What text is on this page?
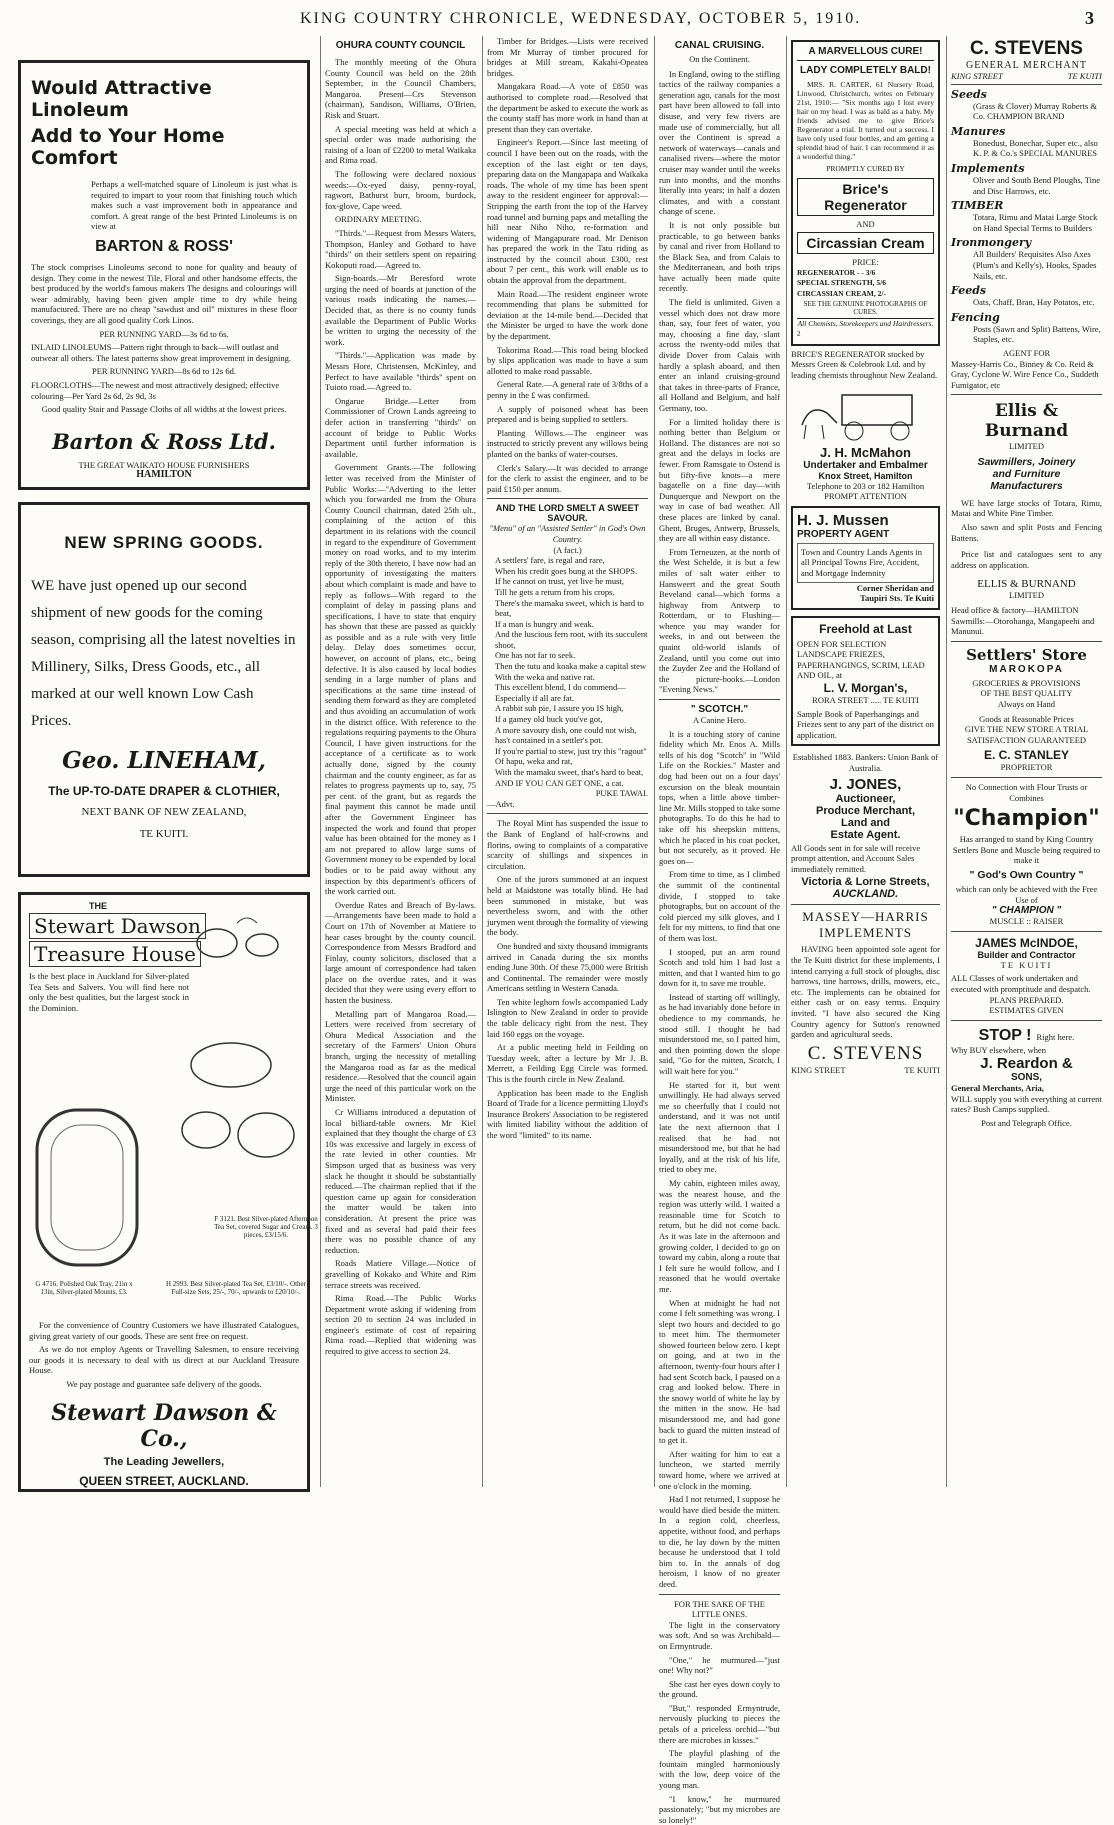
KING COUNTRY CHRONICLE, WEDNESDAY, OCTOBER 5, 1910.	3
Would Attractive Linoleum
Add to Your Home Comfort

Perhaps a well-matched square of Linoleum is just what is required to impart to your room that finishing touch which makes such a vast improvement both in appearance and comfort. A great range of the best Printed Linoleums is on view at

BARTON & ROSS'

The stock comprises Linoleums second to none for quality and beauty of design. They come in the newest Tile, Floral and other handsome effects, the best produced by the world's famous makers The designs and colourings will wear admirably, having been given ample time to dry while being manufactured. There are no cheap "sawdust and oil" mixtures in these floor coverings, they are all good quality Cork Linos.

PER RUNNING YARD—3s 6d to 6s.
INLAID LINOLEUMS—Pattern right through to back—will outlast and outwear all others. The latest patterns show great improvement in designing.
PER RUNNING YARD—8s 6d to 12s 6d.
FLOORCLOTHS—The newest and most attractively designed; effective colouring—Per Yard 2s 6d, 2s 9d, 3s
Good quality Stair and Passage Cloths of all widths at the lowest prices.
Barton & Ross Ltd.
THE GREAT WAIKATO HOUSE FURNISHERS
HAMILTON
NEW SPRING GOODS.

WE have just opened up our second shipment of new goods for the coming season, comprising all the latest novelties in Millinery, Silks, Dress Goods, etc., all marked at our well known Low Cash Prices.

Geo. LINEHAM,
The UP-TO-DATE DRAPER & CLOTHIER,
NEXT BANK OF NEW ZEALAND,
TE KUITI.
THE
Stewart Dawson
Treasure House

Is the best place in Auckland for Silver-plated Tea Sets and Salvers. You will find here not only the best qualities, but the largest stock in the Dominion.

F 3121. Best Silver-plated Afternoon Tea Set, covered Sugar and Cream. 3 pieces, £3/15/6.
G 4716. Polished Oak Tray, 21in x 13in, Silver-plated Mounts, £3.
H 2993. Best Silver-plated Tea Set, £3/10/-. Other Full-size Sets, 25/-, 70/-, upwards to £20/10/-.

For the convenience of Country Customers we have illustrated Catalogues, giving great variety of our goods. These are sent free on request.

As we do not employ Agents or Travelling Salesmen, to ensure receiving our goods it is necessary to deal with us direct at our Auckland Treasure House.

We pay postage and guarantee safe delivery of the goods.

Stewart Dawson & Co.,
The Leading Jewellers,
QUEEN STREET, AUCKLAND.
OHURA COUNTY COUNCIL

The monthly meeting of the Ohura County Council was held on the 28th September, in the Council Chambers, Mangaroa. Present—Crs Stevenson (chairman), Sandison, Williams, O'Brien, Risk and Stuart.

A special meeting was held at which a special order was made authorising the raising of a loan of £2200 to metal Waikaka and Rima road.

The following were declared noxious weeds:—Ox-eyed daisy, penny-royal, ragwort, Bathurst burr, broom, burdock, fox-glove, Cape weed.

ORDINARY MEETING.

"Thirds."—Request from Messrs Waters, Thompson, Hanley and Gothard to have "thirds" on their settlers spent on repairing Kokoputi road.—Agreed to.

Sign-boards.—Mr Beresford wrote urging the need of boards at junction of the various roads indicating the names.—Decided that, as there is no county funds available the Department of Public Works be written to urging the necessity of the work.

"Thirds."—Application was made by Messrs Hore, Christensen, McKinley, and Perfect to have available "thirds" spent on Tuioto road.—Agreed to.

Ongarue Bridge.—Letter from Commissioner of Crown Lands agreeing to defer action in transferring "thirds" on account of bridge to Public Works Department until further information is available.

Government Grants.—The following letter was received from the Minister of Public Works:—"Adverting to the letter which you forwarded me from the Ohura County Council chairman, dated 25th ult., complaining of the action of this department in its relations with the council in regard to the expenditure of Government money on road works, and to my interim reply of the 30th thereto, I have now had an opportunity of investigating the matters about which complaint is made and have to reply as follows—With regard to the complaint of delay in passing plans and specifications, I have to state that enquiry has shown that these are passed as quickly as possible and as a rule with very little delay. Delay does sometimes occur, however, on account of plans, etc., being defective. It is also caused by local bodies sending in a large number of plans and specifications at the same time instead of sending them forward as they are completed and thus avoiding an accumulation of work in the district office. With reference to the regulations requiring payments to the Ohura Council, I have given instructions for the acceptance of a certificate as to work actually done, signed by the county chairman and the county engineer, as far as relates to progress payments up to, say, 75 per cent. of the grant, but as regards the final payment this cannot be made until after the Government Engineer has inspected the work and found that proper value has been obtained for the money as I am not prepared to allow large sums of Government money to be expended by local bodies or to be paid away without any inspection by this department's officers of the work carried out.

Overdue Rates and Breach of By-laws.—Arrangements have been made to hold a Court on 17th of November at Matiere to hear cases brought by the county council. Correspondence from Messrs Bradford and Finlay, county solicitors, disclosed that a large amount of correspondence had taken place on the overdue rates, and it was decided that they were using every effort to hasten the business.

Metalling part of Mangaroa Road.—Letters were received from secretary of Ohura Medical Association and the secretary of the Farmers' Union Ohura branch, urging the necessity of metalling the Mangaroa road as far as the medical residence.—Resolved that the council again urge the need of this particular work on the Minister.

Cr Williams introduced a deputation of local billiard-table owners. Mr Kiel explained that they thought the charge of £3 10s was excessive and largely in excess of the rate levied in other counties. Mr Simpson urged that as business was very slack he thought it should be substantially reduced.—The chairman replied that if the question came up again for consideration the matter would be taken into consideration. At present the price was fixed and as several had paid their fees there was no possible chance of any reduction.

Roads Matiere Village.—Notice of gravelling of Kokako and White and Rim terrace streets was received.

Rima Road.—The Public Works Department wrote asking if widening from section 20 to section 24 was included in engineer's estimate of cost of repairing Rima road.—Replied that widening was required to give access to section 24.

Timber for Bridges.—Lists were received from Mr Murray of timber procured for bridges at Mill stream, Kakahi-Opeatea bridges.

Mangakara Road.—A vote of £850 was authorised to complete road.—Resolved that the department be asked to execute the work as the county staff has more work in hand than at present than they can overtake.

Engineer's Report.—Since last meeting of council I have been out on the roads, with the exception of the last eight or ten days, preparing data on the Mangapapa and Waikaka roads. The whole of my time has been spent away to the resident engineer for approval:—Stripping the earth from the top of the Harvey road tunnel and burning paps and metalling the hill near Niho Niho, re-formation and widening of Mangapurare road. Mr Denison has prepared the work in the Tatu riding as instructed by the council about £300, rest about 7 per cent., this work will enable us to obtain the approval from the department.

Main Road.—The resident engineer wrote recommending that plans be submitted for deviation at the 14-mile bend.—Decided that the Minister be urged to have the work done by the department.

Tokorima Road.—This road being blocked by slips application was made to have a sum allotted to make road passable.

General Rate.—A general rate of 3/8ths of a penny in the £ was confirmed.

A supply of poisoned wheat has been prepared and is being supplied to settlers.

Planting Willows.—The engineer was instructed to strictly prevent any willows being planted on the banks of water-courses.

Clerk's Salary.—It was decided to arrange for the clerk to assist the engineer, and to be paid £150 per annum.

AND THE LORD SMELT A SWEET SAVOUR.
"Menu" of an "Assisted Settler" in God's Own Country.
(A fact.)
A settlers' fare, is regal and rare,
When his credit goes bung at the SHOPS.
If he cannot on trust, yet live he must,
Till he gets a return from his crops.
There's the mamaku sweet, which is hard to beat,
If a man is hungry and weak.
And the luscious fern root, with its succulent shoot,
One has not far to seek.
Then the tutu and koaka make a capital stew
With the weka and native rat.
This excellent blend, I do commend—
Especially if all are fat.
A rabbit sub pie, I assure you IS high,
If a gamey old buck you've got,
A more savoury dish, one could not wish,
has't contained in a settler's pot.
If you're partial to stew, just try this "ragout"
Of hapu, weka and rat,
With the mamaku sweet, that's hard to beat,
AND IF YOU CAN GET ONE, a cat.
PUKE TAWAI.
—Advt.

The Royal Mint has suspended the issue to the Bank of England of half-crowns and florins, owing to complaints of a comparative scarcity of shillings and sixpences in circulation.

One of the jurors summoned at an inquest held at Maidstone was totally blind. He had been summoned in mistake, but was nevertheless sworn, and with the other jurymen went through the formality of viewing the body.

One hundred and sixty thousand immigrants arrived in Canada during the six months ending June 30th. Of these 75,000 were British and Continental. The remainder were mostly Americans settling in Western Canada.

Ten white leghorn fowls accompanied Lady Islington to New Zealand in order to provide the table delicacy right from the nest. They laid 160 eggs on the voyage.

At a public meeting held in Feilding on Tuesday week, after a lecture by Mr J. B. Merrett, a Feilding Egg Circle was formed. This is the fourth circle in New Zealand.

Application has been made to the English Board of Trade for a licence permitting Lloyd's Insurance Brokers' Association to be registered with limited liability without the addition of the word "limited" to its name.

CANAL CRUISING.
On the Continent.

In England, owing to the stifling tactics of the railway companies a generation ago, canals for the most part have been allowed to fall into disuse, and very few rivers are made use of commercially, but all over the Continent is spread a network of waterways—canals and canalised rivers—where the motor cruiser may wander until the weeks run into months, and the months literally into years; in half a dozen climates, and with a constant change of scene.

It is not only possible but practicable, to go between banks by canal and river from Holland to the Black Sea, and from Calais to the Mediterranean, and both trips have actually been made quite recently.

The field is unlimited. Given a vessel which does not draw more than, say, four feet of water, you may, choosing a fine day, slant across the twenty-odd miles that divide Dover from Calais with hardly a splash aboard, and then enter an inland cruising-ground that takes in three-parts of France, all Holland and Belgium, and half Germany, too.

For a limited holiday there is nothing better than Belgium or Holland. The distances are not so great and the delays in locks are fewer. From Ramsgate to Ostend is but fifty-five knots—a mere bagatelle on a fine day—with Dunquerque and Newport on the way in case of bad weather. All these places are linked by canal. Ghent, Bruges, Antwerp, Brussels, they are all within easy distance.

From Terneuzen, at the north of the West Schelde, it is but a few miles of salt water either to Hansweert and the great South Beveland canal—which forms a highway from Antwerp to Rotterdam, or to Flushing—whence you may wander for weeks, in and out between the quaint old-world islands of Zealand, until you come out into the Zuyder Zee and the Holland of the picture-books.—London "Evening News."

" SCOTCH."
A Canine Hero.

It is a touching story of canine fidelity which Mr. Enos A. Mills tells of his dog "Scotch" in "Wild Life on the Rockies." Master and dog had been out on a four days' excursion on the bleak mountain tops, when a little above timber-line Mr. Mills stopped to take some photographs. To do this he had to take off his sheepskin mittens, which he placed in his coat pocket, but not securely, as it proved. He goes on—

From time to time, as I climbed the summit of the continental divide, I stopped to take photographs, but on account of the cold pierced my silk gloves, and I felt for my mittens, to find that one of them was lost.

I stooped, put an arm round Scotch and told him I had lost a mitten, and that I wanted him to go down for it, to save me trouble.

Instead of starting off willingly, as he had invariably done before in obedience to my commands, he stood still. I thought he had misunderstood me, so I patted him, and then pointing down the slope said, "Go for the mitten, Scotch, I will wait here for you."

He started for it, but went unwillingly. He had always served me so cheerfully that I could not understand, and it was not until late the next afternoon that I realised that he had not misunderstood me, but that he had loyally, and at the risk of his life, tried to obey me.

My cabin, eighteen miles away, was the nearest house, and the region was utterly wild. I waited a reasonable time for Scotch to return, but he did not come back. As it was late in the afternoon and growing colder, I decided to go on toward my cabin, along a route that I felt sure he would follow, and I reasoned that he would overtake me.

When at midnight he had not come I felt something was wrong. I slept two hours and decided to go to meet him. The thermometer showed fourteen below zero. I kept on going, and at two in the afternoon, twenty-four hours after I had sent Scotch back, I paused on a crag and looked below. There in the snowy world of white he lay by the mitten in the snow. He had misunderstood me, and had gone back to guard the mitten instead of to get it.

After waiting for him to eat a luncheon, we started merrily toward home, where we arrived at one o'clock in the morning.

Had I not returned, I suppose he would have died beside the mitten. In a region cold, cheerless, appetite, without food, and perhaps to die, he lay down by the mitten because he understood that I told him to. In the annals of dog heroism, I know of no greater deed.

FOR THE SAKE OF THE LITTLE ONES.

The light in the conservatory was soft. And so was Archibald—on Ermyntrude.

"One," he murmured—"just one! Why not?"

She cast her eyes down coyly to the ground.

"But," responded Ermyntrude, nervously plucking to pieces the petals of a priceless orchid—"but there are microbes in kisses."

The playful plashing of the fountain mingled harmoniously with the low, deep voice of the young man.

"I know," he murmured passionately; "but my microbes are so lonely!"

A MARVELLOUS CURE!
LADY COMPLETELY BALD!

MRS. R. CARTER, 61 Nursery Road, Linwood, Christchurch, writes on February 21st, 1910:— "Six months ago I lost every hair on my head. I was as bald as a baby. My friends advised me to give Brice's Regenerator a trial. It turned out a success. I have only used four bottles, and am getting a splendid head of hair. I can recommend it as a wonderful thing."

PROMPTLY CURED BY
Brice's Regenerator
AND
Circassian Cream
PRICE:
REGENERATOR - - 3/6
SPECIAL STRENGTH, 5/6
CIRCASSIAN CREAM, 2/-
SEE THE GENUINE PHOTOGRAPHS OF CURES.
All Chemists, Storekeepers and Hairdressers.
2
BRICE'S REGENERATOR stocked by Messrs Green & Colebrook Ltd. and by leading chemists throughout New Zealand.
J. H. McMahon
Undertaker and Embalmer
Knox Street, Hamilton
Telephone to 203 or 182 Hamilton
PROMPT ATTENTION
H. J. Mussen
PROPERTY AGENT
Town and Country Lands Agents in all Principal Towns Fire, Accident, and Mortgage Indemnity
Corner Sheridan and
Taupiri Sts. Te Kuiti
Freehold at Last
OPEN FOR SELECTION LANDSCAPE FRIEZES, PAPERHANGINGS, SCRIM, LEAD AND OIL, at
L. V. Morgan's,
RORA STREET ..... TE KUITI
Sample Book of Paperhangings and Friezes sent to any part of the district on application.
Established 1883. Bankers: Union Bank of Australia.
J. JONES,
Auctioneer,
Produce Merchant,
Land and
Estate Agent.
All Goods sent in for sale will receive prompt attention, and Account Sales immediately remitted.
Victoria & Lorne Streets,
AUCKLAND.
MASSEY—HARRIS IMPLEMENTS

HAVING been appointed sole agent for the Te Kuiti district for these implements, I intend carrying a full stock of ploughs, disc harrows, tine harrows, drills, mowers, etc., etc. The implements can be obtained for either cash or on easy terms. Enquiry invited. "I have also secured the King Country agency for Sutton's renowned garden and agricultural seeds.

C. STEVENS
KING STREET	TE KUITI
C. STEVENS
GENERAL MERCHANT
KING STREET	TE KUITI
Seeds
(Grass & Clover) Murray Roberts & Co. CHAMPION BRAND
Manures
Bonedust, Bonechar, Super etc., also K. P. & Co.'s SPECIAL MANURES
Implements
Oliver and South Bend Ploughs, Tine and Disc Harrows, etc.
TIMBER
Totara, Rimu and Matai Large Stock on Hand Special Terms to Builders
Ironmongery
All Builders' Requisites Also Axes (Plum's and Kelly's), Hooks, Spades Nails, etc.
Feeds
Oats, Chaff, Bran, Hay Potatos, etc.
Fencing
Posts (Sawn and Split) Battens, Wire, Staples, etc.
AGENT FOR
Massey-Harris Co., Binney & Co. Reid & Gray, Cyclone W. Wire Fence Co., Suddeth Fumigator, etc
Ellis & Burnand
LIMITED
Sawmillers, Joinery
and Furniture
Manufacturers

WE have large stocks of Totara, Rimu, Matai and White Pine Timber.

Also sawn and split Posts and Fencing Battens.

Price list and catalogues sent to any address on application.

ELLIS & BURNAND
LIMITED
Head office & factory—HAMILTON
Sawmills:—Otorohanga, Mangapeehi and Manunui.
Settlers' Store
MAROKOPA
GROCERIES & PROVISIONS
OF THE BEST QUALITY
Always on Hand
Goods at Reasonable Prices
GIVE THE NEW STORE A TRIAL
SATISFACTION GUARANTEED
E. C. STANLEY
PROPRIETOR
No Connection with Flour Trusts or Combines
"Champion"
Has arranged to stand by King Country Settlers Bone and Muscle being required to make it
" God's Own Country "
which can only be achieved with the Free Use of
" CHAMPION "
MUSCLE :: RAISER
JAMES McINDOE,
Builder and Contractor
TE KUITI
ALL Classes of work undertaken and executed with promptitude and despatch.
PLANS PREPARED.
ESTIMATES GIVEN
STOP ! Right here.
Why BUY elsewhere, when
J. Reardon &
SONS,
General Merchants, Aria,
WILL supply you with everything at current rates? Bush Camps supplied.
Post and Telegraph Office.
